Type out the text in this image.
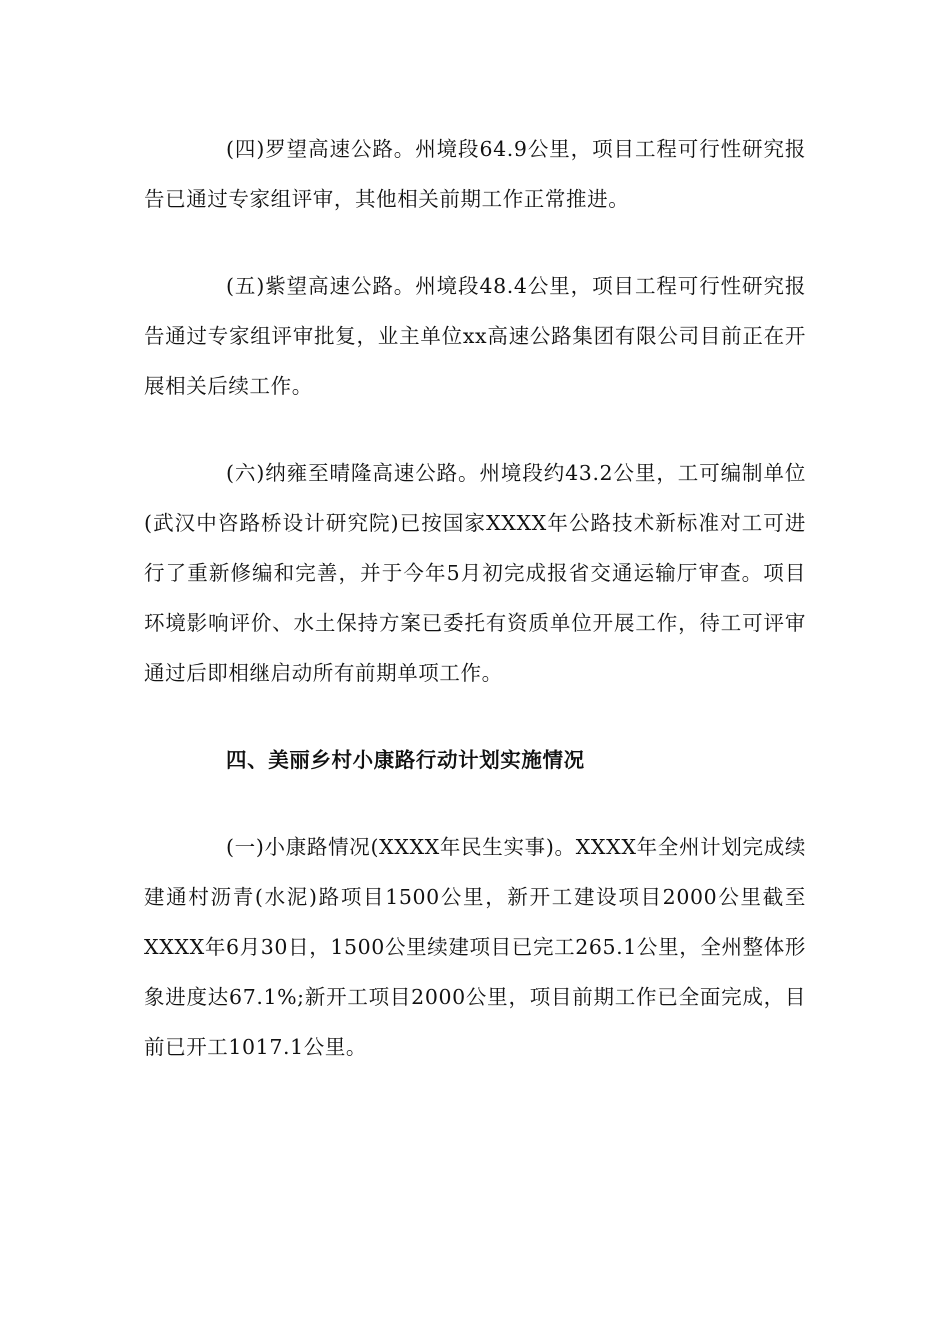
(四)罗望高速公路。州境段64.9公里，项目工程可行性研究报告已通过专家组评审，其他相关前期工作正常推进。

(五)紫望高速公路。州境段48.4公里，项目工程可行性研究报告通过专家组评审批复，业主单位xx高速公路集团有限公司目前正在开展相关后续工作。

(六)纳雍至晴隆高速公路。州境段约43.2公里，工可编制单位(武汉中咨路桥设计研究院)已按国家XXXX年公路技术新标准对工可进行了重新修编和完善，并于今年5月初完成报省交通运输厅审查。项目环境影响评价、水土保持方案已委托有资质单位开展工作，待工可评审通过后即相继启动所有前期单项工作。

四、美丽乡村小康路行动计划实施情况

(一)小康路情况(XXXX年民生实事)。XXXX年全州计划完成续建通村沥青(水泥)路项目1500公里，新开工建设项目2000公里截至XXXX年6月30日，1500公里续建项目已完工265.1公里，全州整体形象进度达67.1%;新开工项目2000公里，项目前期工作已全面完成，目前已开工1017.1公里。
